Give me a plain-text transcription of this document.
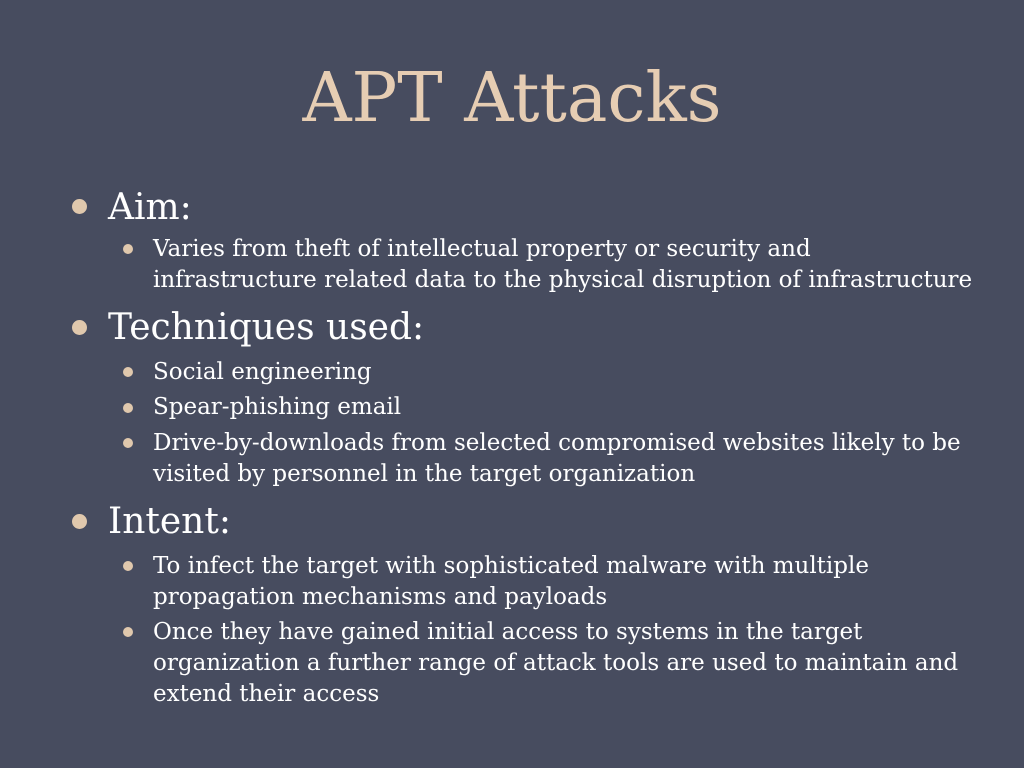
APT Attacks
Aim:
Varies from theft of intellectual property or security and infrastructure related data to the physical disruption of infrastructure
Techniques used:
Social engineering
Spear-phishing email
Drive-by-downloads from selected compromised websites likely to be visited by personnel in the target organization
Intent:
To infect the target with sophisticated malware with multiple propagation mechanisms and payloads
Once they have gained initial access to systems in the target organization a further range of attack tools are used to maintain and extend their access
